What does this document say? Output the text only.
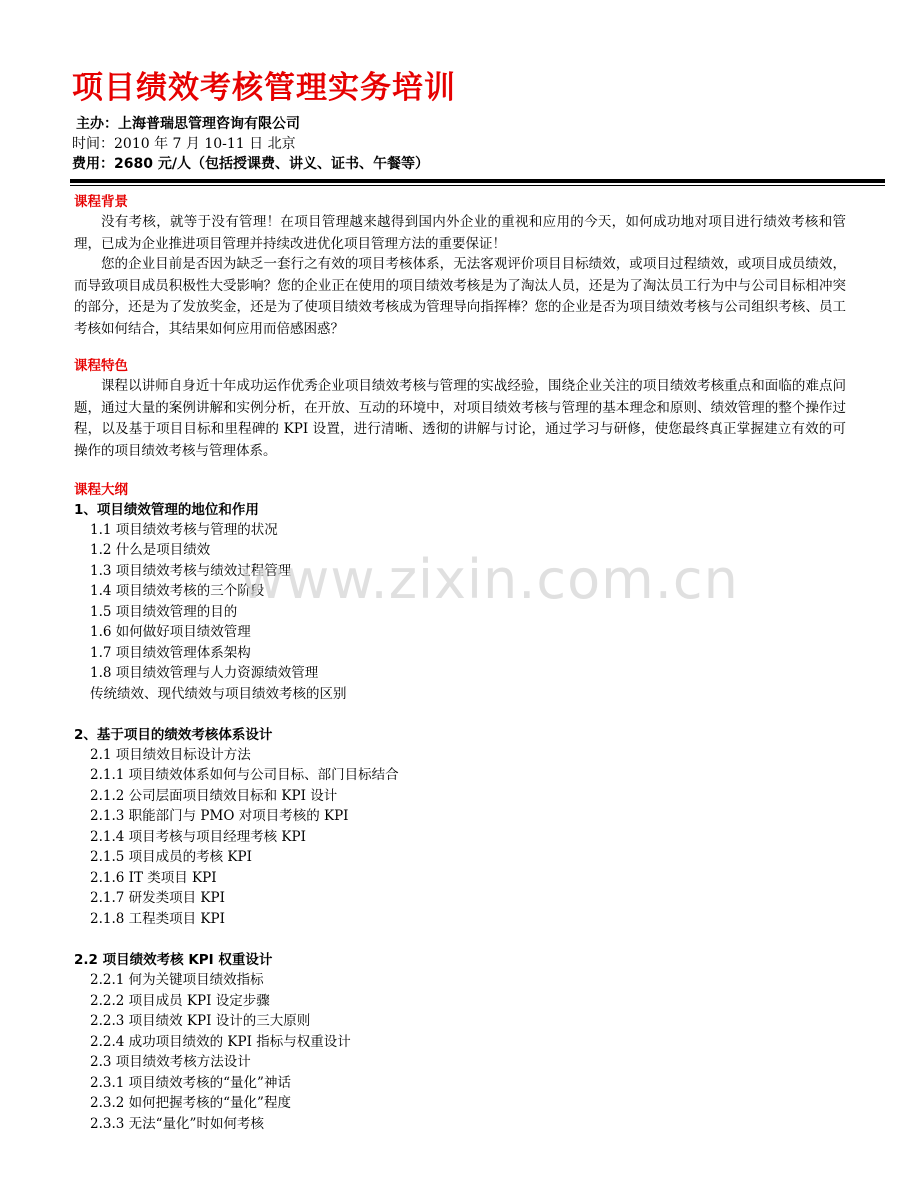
项目绩效考核管理实务培训

主办：上海普瑞思管理咨询有限公司

时间：2010 年 7 月 10-11 日 北京

费用：2680 元/人（包括授课费、讲义、证书、午餐等）

课程背景

没有考核，就等于没有管理！在项目管理越来越得到国内外企业的重视和应用的今天，如何成功地对项目进行绩效考核和管理，已成为企业推进项目管理并持续改进优化项目管理方法的重要保证！

您的企业目前是否因为缺乏一套行之有效的项目考核体系，无法客观评价项目目标绩效，或项目过程绩效，或项目成员绩效，而导致项目成员积极性大受影响？您的企业正在使用的项目绩效考核是为了淘汰人员，还是为了淘汰员工行为中与公司目标相冲突的部分，还是为了发放奖金，还是为了使项目绩效考核成为管理导向指挥棒？您的企业是否为项目绩效考核与公司组织考核、员工考核如何结合，其结果如何应用而倍感困惑？

课程特色

课程以讲师自身近十年成功运作优秀企业项目绩效考核与管理的实战经验，围绕企业关注的项目绩效考核重点和面临的难点问题，通过大量的案例讲解和实例分析，在开放、互动的环境中，对项目绩效考核与管理的基本理念和原则、绩效管理的整个操作过程，以及基于项目目标和里程碑的 KPI 设置，进行清晰、透彻的讲解与讨论，通过学习与研修，使您最终真正掌握建立有效的可操作的项目绩效考核与管理体系。

课程大纲
1、项目绩效管理的地位和作用
1.1 项目绩效考核与管理的状况
1.2 什么是项目绩效
1.3 项目绩效考核与绩效过程管理
1.4 项目绩效考核的三个阶段
1.5 项目绩效管理的目的
1.6 如何做好项目绩效管理
1.7 项目绩效管理体系架构
1.8 项目绩效管理与人力资源绩效管理
传统绩效、现代绩效与项目绩效考核的区别
2、基于项目的绩效考核体系设计
2.1 项目绩效目标设计方法
2.1.1 项目绩效体系如何与公司目标、部门目标结合
2.1.2 公司层面项目绩效目标和 KPI 设计
2.1.3 职能部门与 PMO 对项目考核的 KPI
2.1.4 项目考核与项目经理考核 KPI
2.1.5 项目成员的考核 KPI
2.1.6 IT 类项目 KPI
2.1.7 研发类项目 KPI
2.1.8 工程类项目 KPI
2.2 项目绩效考核 KPI 权重设计
2.2.1 何为关键项目绩效指标
2.2.2 项目成员 KPI 设定步骤
2.2.3 项目绩效 KPI 设计的三大原则
2.2.4 成功项目绩效的 KPI 指标与权重设计
2.3 项目绩效考核方法设计
2.3.1 项目绩效考核的“量化”神话
2.3.2 如何把握考核的“量化”程度
2.3.3 无法“量化”时如何考核
www.zixin.com.cn
